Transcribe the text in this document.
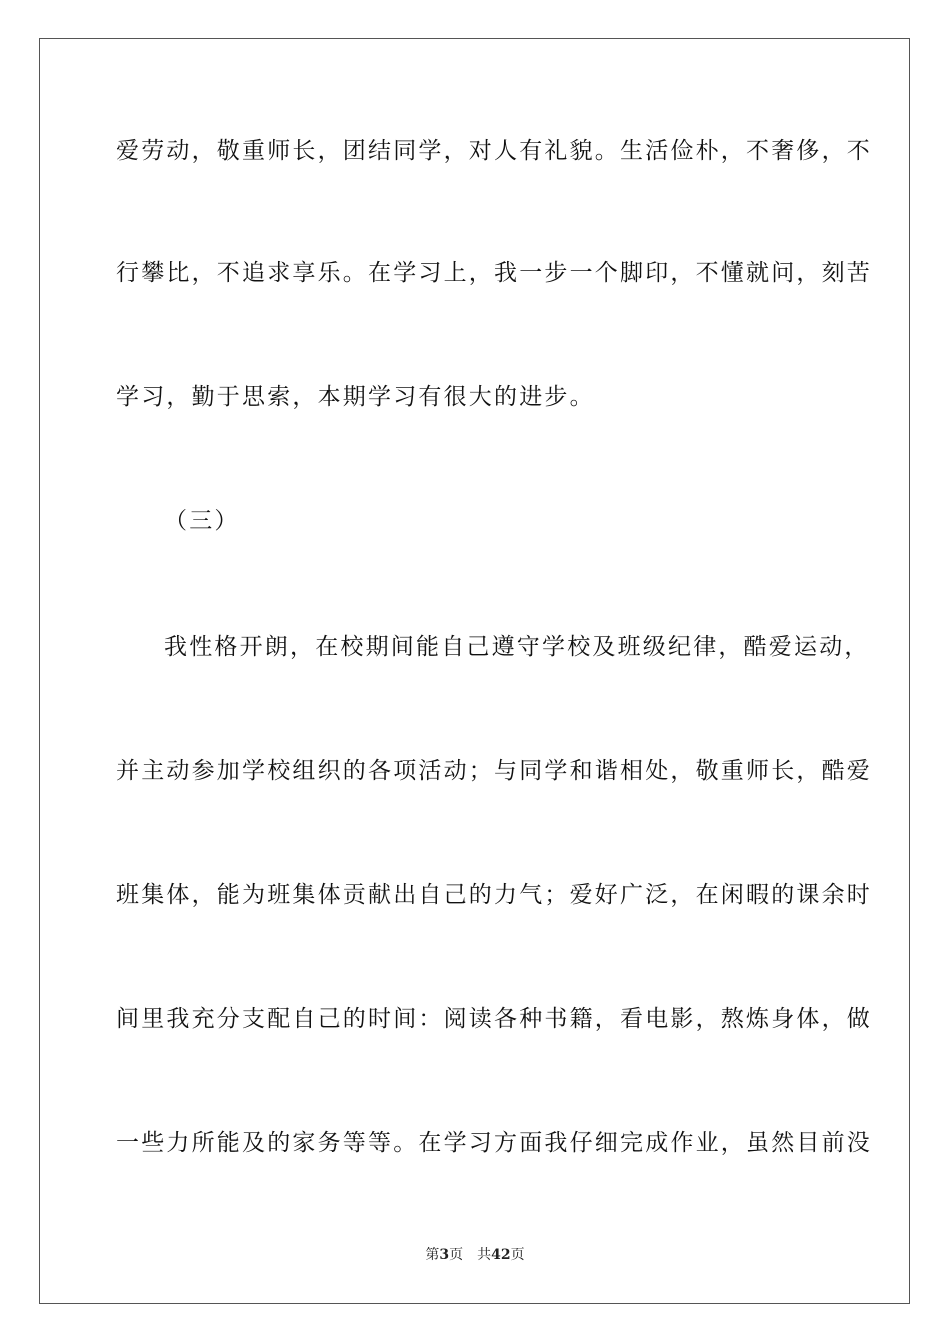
爱劳动，敬重师长，团结同学，对人有礼貌。生活俭朴，不奢侈，不
行攀比，不追求享乐。在学习上，我一步一个脚印，不懂就问，刻苦
学习，勤于思索，本期学习有很大的进步。
（三）
我性格开朗，在校期间能自己遵守学校及班级纪律，酷爱运动，
并主动参加学校组织的各项活动；与同学和谐相处，敬重师长，酷爱
班集体，能为班集体贡献出自己的力气；爱好广泛，在闲暇的课余时
间里我充分支配自己的时间：阅读各种书籍，看电影，熬炼身体，做
一些力所能及的家务等等。在学习方面我仔细完成作业，虽然目前没
第3页 共42页
